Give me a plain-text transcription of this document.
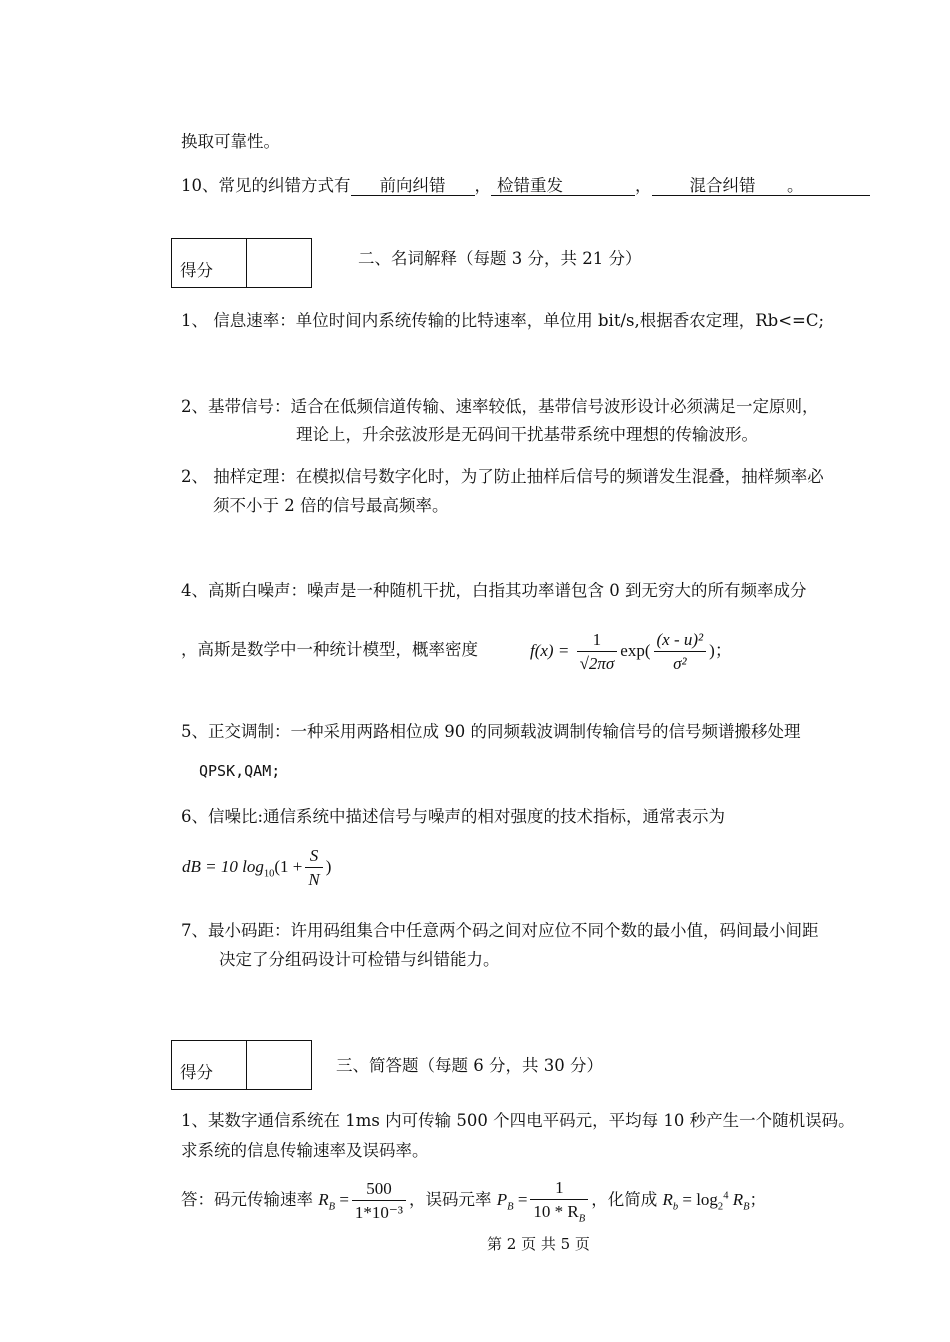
换取可靠性。
10、常见的纠错方式有 前向纠错 ， 检错重发	， 混合纠错 。
得分
二、名词解释（每题 3 分，共 21 分）
1、 信息速率：单位时间内系统传输的比特速率，单位用 bit/s,根据香农定理，Rb<=C;
2、基带信号：适合在低频信道传输、速率较低，基带信号波形设计必须满足一定原则，
理论上，升余弦波形是无码间干扰基带系统中理想的传输波形。
2、 抽样定理：在模拟信号数字化时，为了防止抽样后信号的频谱发生混叠，抽样频率必
须不小于 2 倍的信号最高频率。
4、高斯白噪声：噪声是一种随机干扰，白指其功率谱包含 0 到无穷大的所有频率成分
，高斯是数学中一种统计模型，概率密度	$f(x) = \frac{1}{√2\pi\sigma} \exp( \frac{\text{(x - u)²}}{\text{σ²}}$ )；
5、正交调制：一种采用两路相位成 90 的同频载波调制传输信号的信号频谱搬移处理
QPSK,QAM;
6、信噪比:通信系统中描述信号与噪声的相对强度的技术指标，通常表示为
dB = 10 $\log_{10}(1 + \frac{S}{N}$ )
7、最小码距：许用码组集合中任意两个码之间对应位不同个数的最小值，码间最小间距
决定了分组码设计可检错与纠错能力。
得分	三、简答题（每题 6 分，共 30 分）
1、某数字通信系统在 1ms 内可传输 500 个四电平码元，平均每 10 秒产生一个随机误码。
求系统的信息传输速率及误码率。
答：码元传输速率 $R_B = \frac{500}{\text{1*10⁻³}}$ ，误码元率 $P_B = \frac{1}{10 * R_B}$ ，化简成 $R_b = \log_2^4 R_B$；
第 2 页 共 5 页
